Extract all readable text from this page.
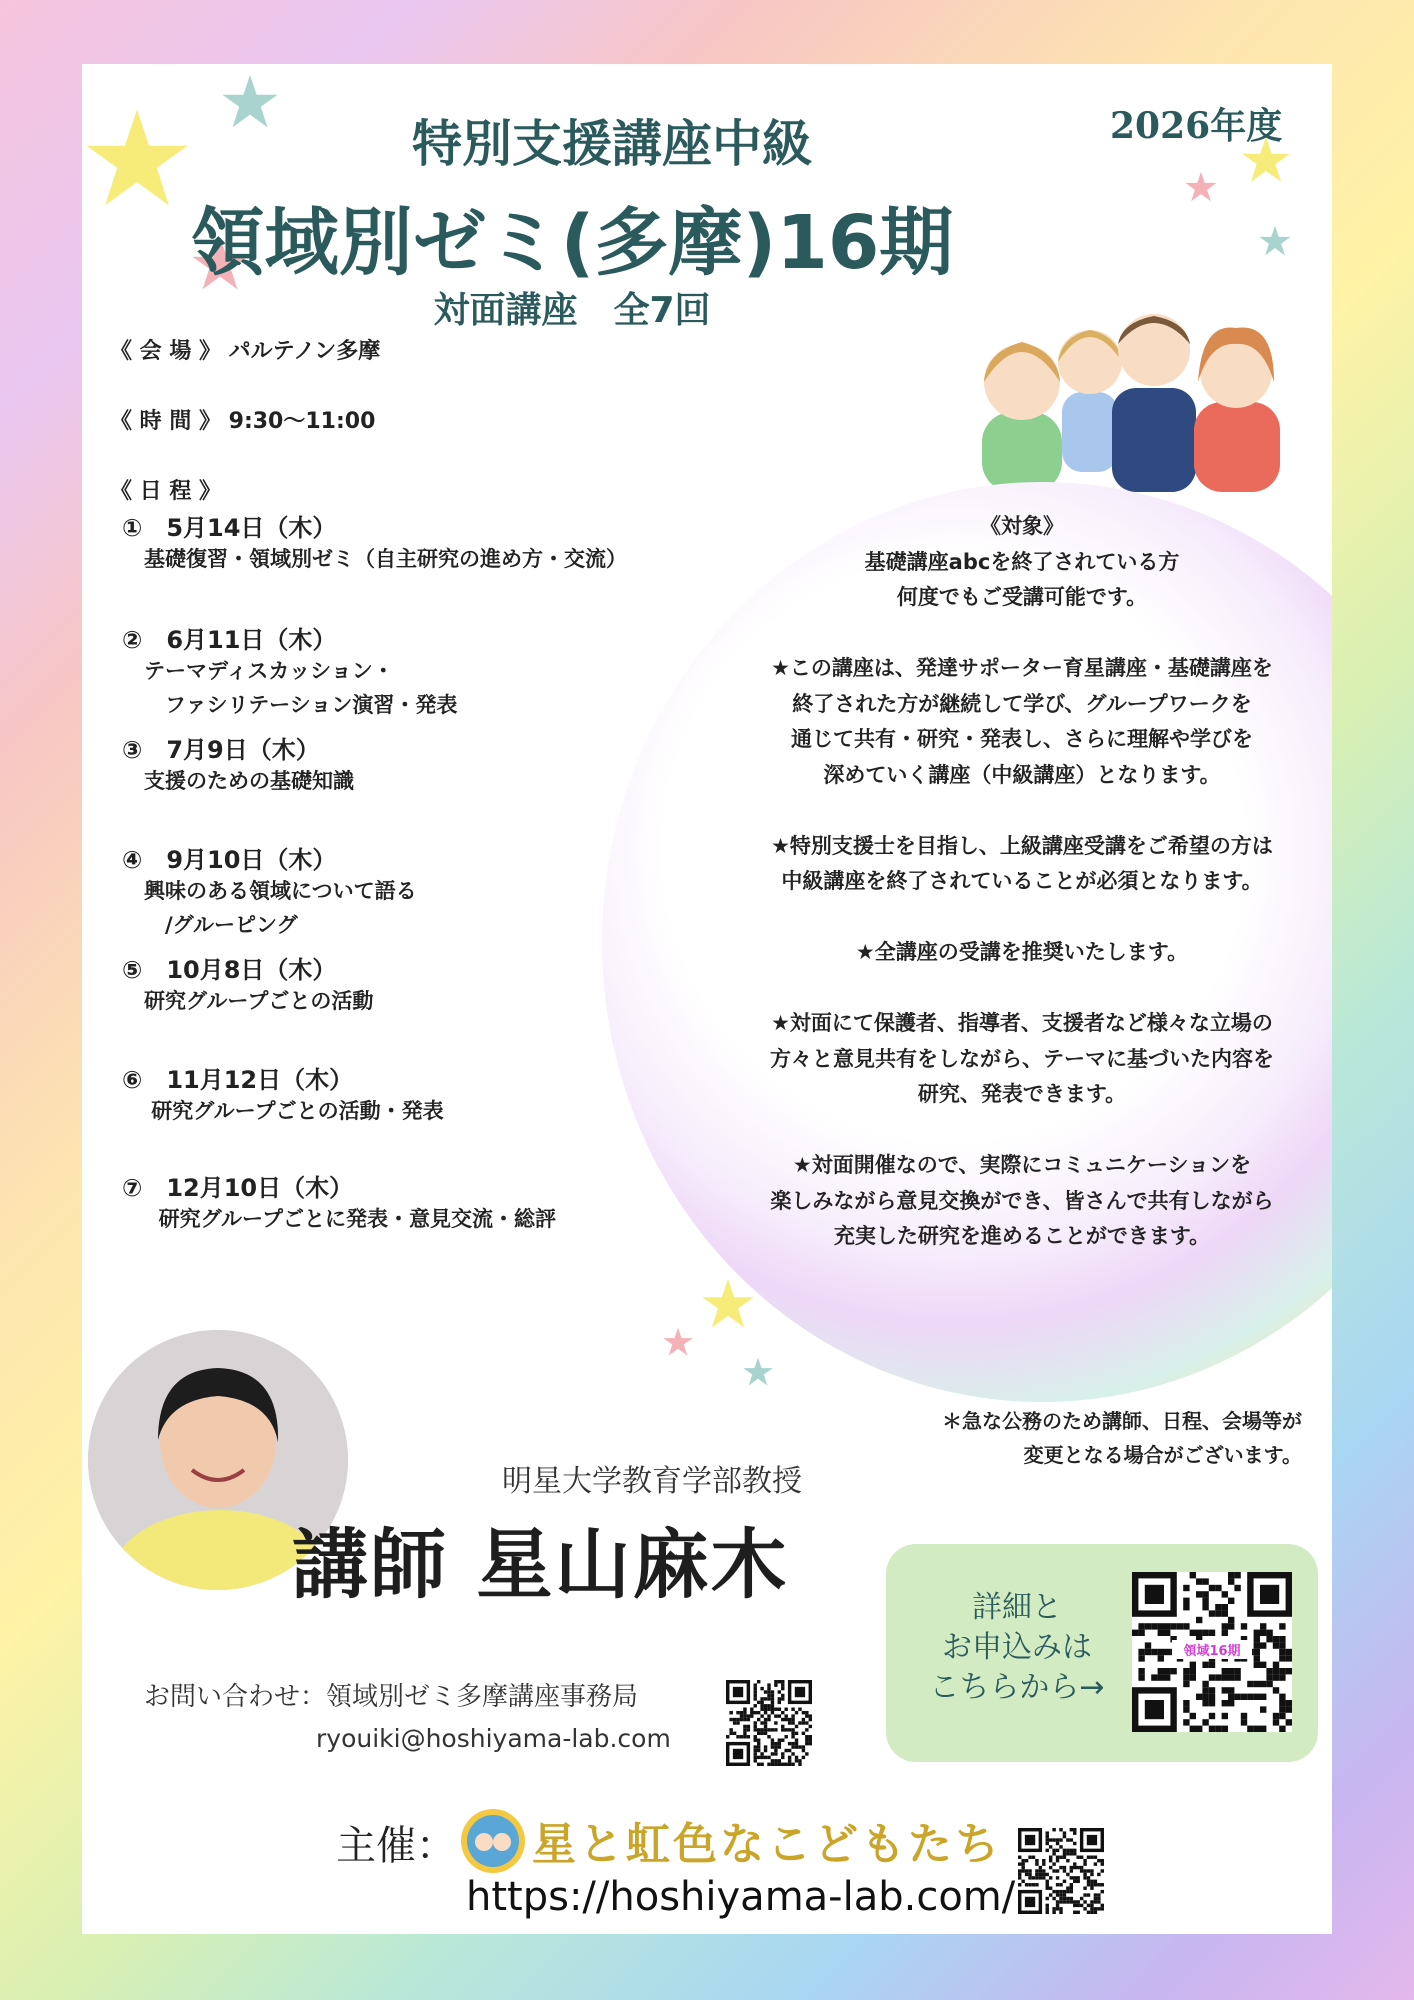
特別支援講座中級
領域別ゼミ(多摩)16期
対面講座　全7回
2026年度
《 会 場 》 パルテノン多摩
《 時 間 》 9:30〜11:00
《 日 程 》
①　5月14日（木）
基礎復習・領域別ゼミ（自主研究の進め方・交流）
②　6月11日（木）
テーマディスカッション・
　ファシリテーション演習・発表
③　7月9日（木）
支援のための基礎知識
④　9月10日（木）
興味のある領域について語る
　/グルーピング
⑤　10月8日（木）
研究グループごとの活動
⑥　11月12日（木）
研究グループごとの活動・発表
⑦　12月10日（木）
研究グループごとに発表・意見交流・総評
《対象》
基礎講座abcを終了されている方
何度でもご受講可能です。

★この講座は、発達サポーター育星講座・基礎講座を
終了された方が継続して学び、グループワークを
通じて共有・研究・発表し、さらに理解や学びを
深めていく講座（中級講座）となります。

★特別支援士を目指し、上級講座受講をご希望の方は
中級講座を終了されていることが必須となります。

★全講座の受講を推奨いたします。

★対面にて保護者、指導者、支援者など様々な立場の
方々と意見共有をしながら、テーマに基づいた内容を
研究、発表できます。

★対面開催なので、実際にコミュニケーションを
楽しみながら意見交換ができ、皆さんで共有しながら
充実した研究を進めることができます。
＊急な公務のため講師、日程、会場等が
変更となる場合がございます。
明星大学教育学部教授
講師 星山麻木	詳細と
お申込みは
こちらから→
領域16期
お問い合わせ：領域別ゼミ多摩講座事務局
ryouiki@hoshiyama-lab.com
主催： 星と虹色なこどもたち
https://hoshiyama-lab.com/
